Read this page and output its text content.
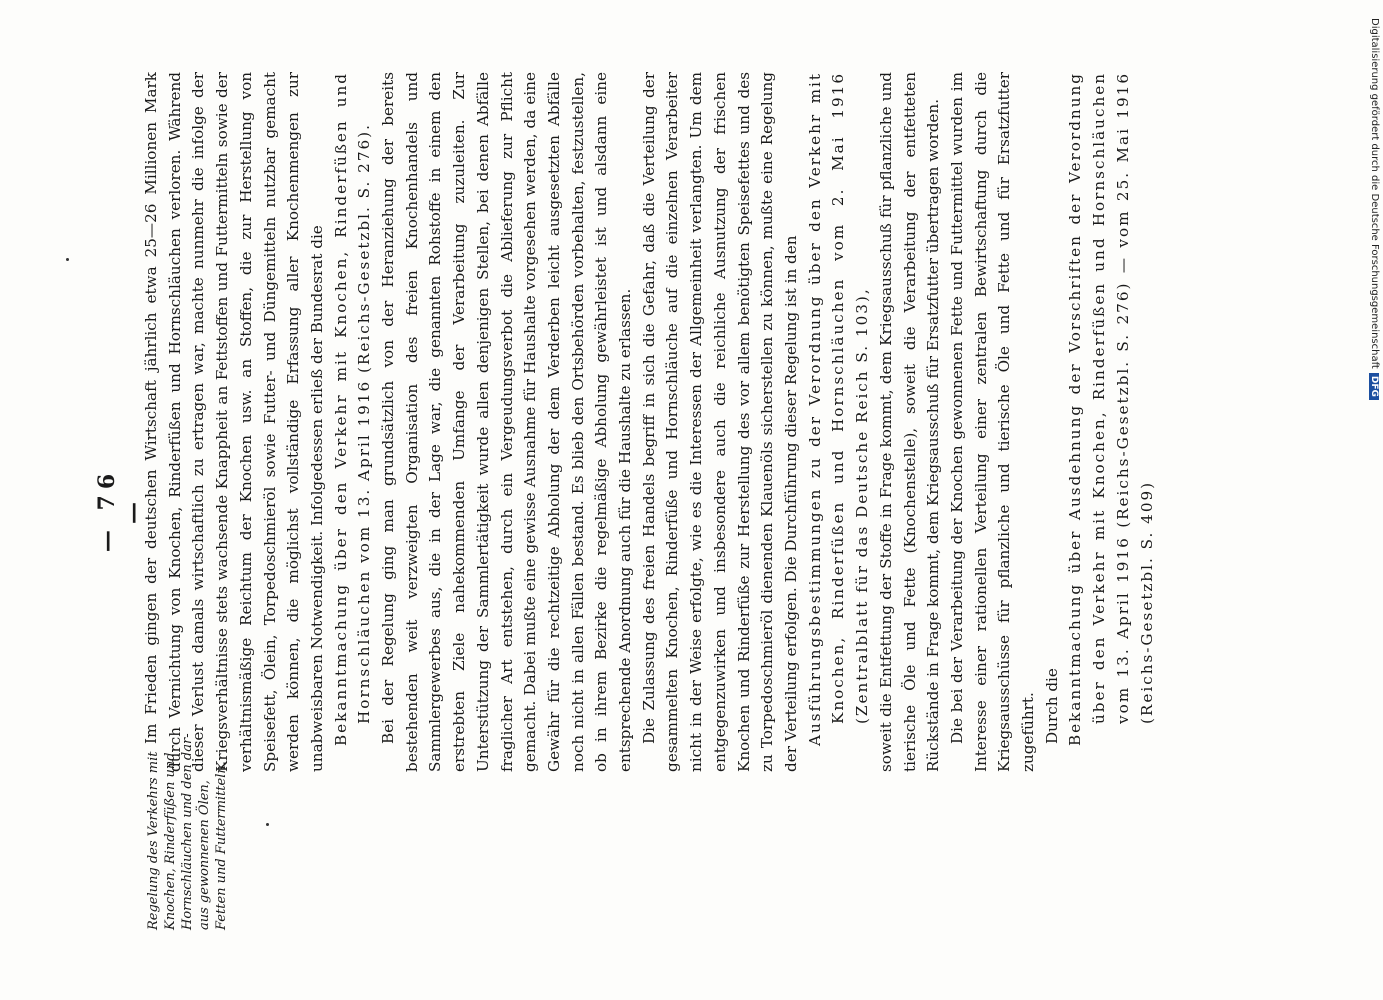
— 76 —
Regelung des Verkehrs mit Knochen, Rinderfüßen und Hornschläuchen und den dar- aus gewonnenen Ölen, Fetten und Futtermitteln.

Im Frieden gingen der deutschen Wirtschaft jährlich etwa 25—26 Millionen Mark durch Vernichtung von Knochen, Rinderfüßen und Hornschläuchen verloren. Während dieser Verlust damals wirtschaftlich zu ertragen war, machte nunmehr die infolge der Kriegsverhältnisse stets wachsende Knappheit an Fettstoffen und Futtermitteln sowie der verhältnismäßige Reichtum der Knochen usw. an Stoffen, die zur Herstellung von Speisefett, Ölein, Torpedoschmieröl sowie Futter- und Düngemitteln nutzbar gemacht werden können, die möglichst vollständige Erfassung aller Knochenmengen zur unabweisbaren Notwendigkeit. Infolgedessen erließ der Bundesrat die Bekanntmachung über den Verkehr mit Knochen, Rinderfüßen und Hornschläuchen vom 13. April 1916 (Reichs-Gesetzbl. S. 276). Bei der Regelung ging man grundsätzlich von der Heranziehung der bereits bestehenden weit verzweigten Organisation des freien Knochenhandels und Sammlergewerbes aus, die in der Lage war, die genannten Rohstoffe in einem den erstrebten Ziele nahekommenden Umfange der Verarbeitung zuzuleiten. Zur Unterstützung der Sammlertätigkeit wurde allen denjenigen Stellen, bei denen Abfälle fraglicher Art entstehen, durch ein Vergeudungsverbot die Ablieferung zur Pflicht gemacht. Dabei mußte eine gewisse Ausnahme für Haushalte vorgesehen werden, da eine Gewähr für die rechtzeitige Abholung der dem Verderben leicht ausgesetzten Abfälle noch nicht in allen Fällen bestand. Es blieb den Ortsbehörden vorbehalten, festzustellen, ob in ihrem Bezirke die regelmäßige Abholung gewährleistet ist und alsdann eine entsprechende Anordnung auch für die Haushalte zu erlassen. Die Zulassung des freien Handels begriff in sich die Gefahr, daß die Verteilung der gesammelten Knochen, Rinderfüße und Hornschläuche auf die einzelnen Verarbeiter nicht in der Weise erfolgte, wie es die Interessen der Allgemeinheit verlangten. Um dem entgegenzuwirken und insbesondere auch die reichliche Ausnutzung der frischen Knochen und Rinderfüße zur Herstellung des vor allem benötigten Speisefettes und des zu Torpedoschmieröl dienenden Klauenöls sicherstellen zu können, mußte eine Regelung der Verteilung erfolgen. Die Durchführung dieser Regelung ist in den Ausführungsbestimmungen zu der Verordnung über den Verkehr mit Knochen, Rinderfüßen und Hornschläuchen vom 2. Mai 1916 (Zentralblatt für das Deutsche Reich S. 103), soweit die Entfettung der Stoffe in Frage kommt, dem Kriegsausschuß für pflanzliche und tierische Öle und Fette (Knochenstelle), soweit die Verarbeitung der entfetteten Rückstände in Frage kommt, dem Kriegsausschuß für Ersatzfutter übertragen worden. Die bei der Verarbeitung der Knochen gewonnenen Fette und Futtermittel wurden im Interesse einer rationellen Verteilung einer zentralen Bewirtschaftung durch die Kriegsausschüsse für pflanzliche und tierische Öle und Fette und für Ersatzfutter zugeführt. Durch die Bekanntmachung über Ausdehnung der Vorschriften der Verordnung über den Verkehr mit Knochen, Rinderfüßen und Hornschläuchen vom 13. April 1916 (Reichs-Gesetzbl. S. 276) — vom 25. Mai 1916 (Reichs-Gesetzbl. S. 409)

Digitalisierung gefördert durch die Deutsche ForschungsgemeinschaftDFG
